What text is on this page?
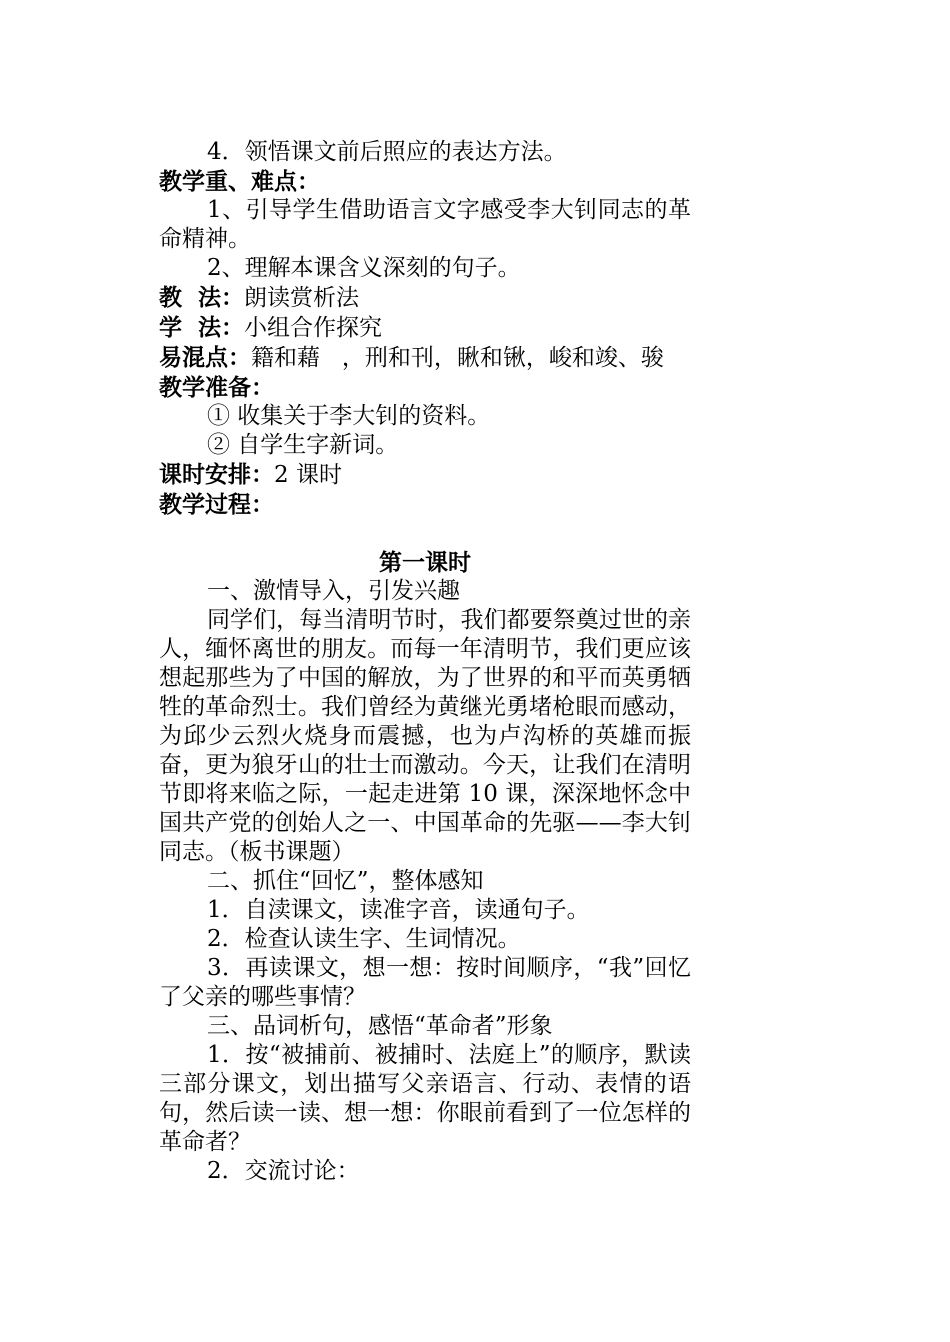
4．领悟课文前后照应的表达方法。
教学重、难点：
1、引导学生借助语言文字感受李大钊同志的革命精神。
2、理解本课含义深刻的句子。
教  法：朗读赏析法
学  法：小组合作探究
易混点：籍和藉   ，刑和刊，瞅和锹，峻和竣、骏
教学准备：
① 收集关于李大钊的资料。
② 自学生字新词。
课时安排：2 课时
教学过程：
第一课时
一、激情导入，引发兴趣
同学们，每当清明节时，我们都要祭奠过世的亲人，缅怀离世的朋友。而每一年清明节，我们更应该想起那些为了中国的解放，为了世界的和平而英勇牺牲的革命烈士。我们曾经为黄继光勇堵枪眼而感动，为邱少云烈火烧身而震撼，也为卢沟桥的英雄而振奋，更为狼牙山的壮士而激动。今天，让我们在清明节即将来临之际，一起走进第 10 课，深深地怀念中国共产党的创始人之一、中国革命的先驱——李大钊同志。（板书课题）
二、抓住“回忆”，整体感知
1．自渎课文，读准字音，读通句子。
2．检查认读生字、生词情况。
3．再读课文，想一想：按时间顺序，“我”回忆了父亲的哪些事情？
三、品词析句，感悟“革命者”形象
1．按“被捕前、被捕时、法庭上”的顺序，默读三部分课文，划出描写父亲语言、行动、表情的语句，然后读一读、想一想：你眼前看到了一位怎样的革命者？
2．交流讨论：
